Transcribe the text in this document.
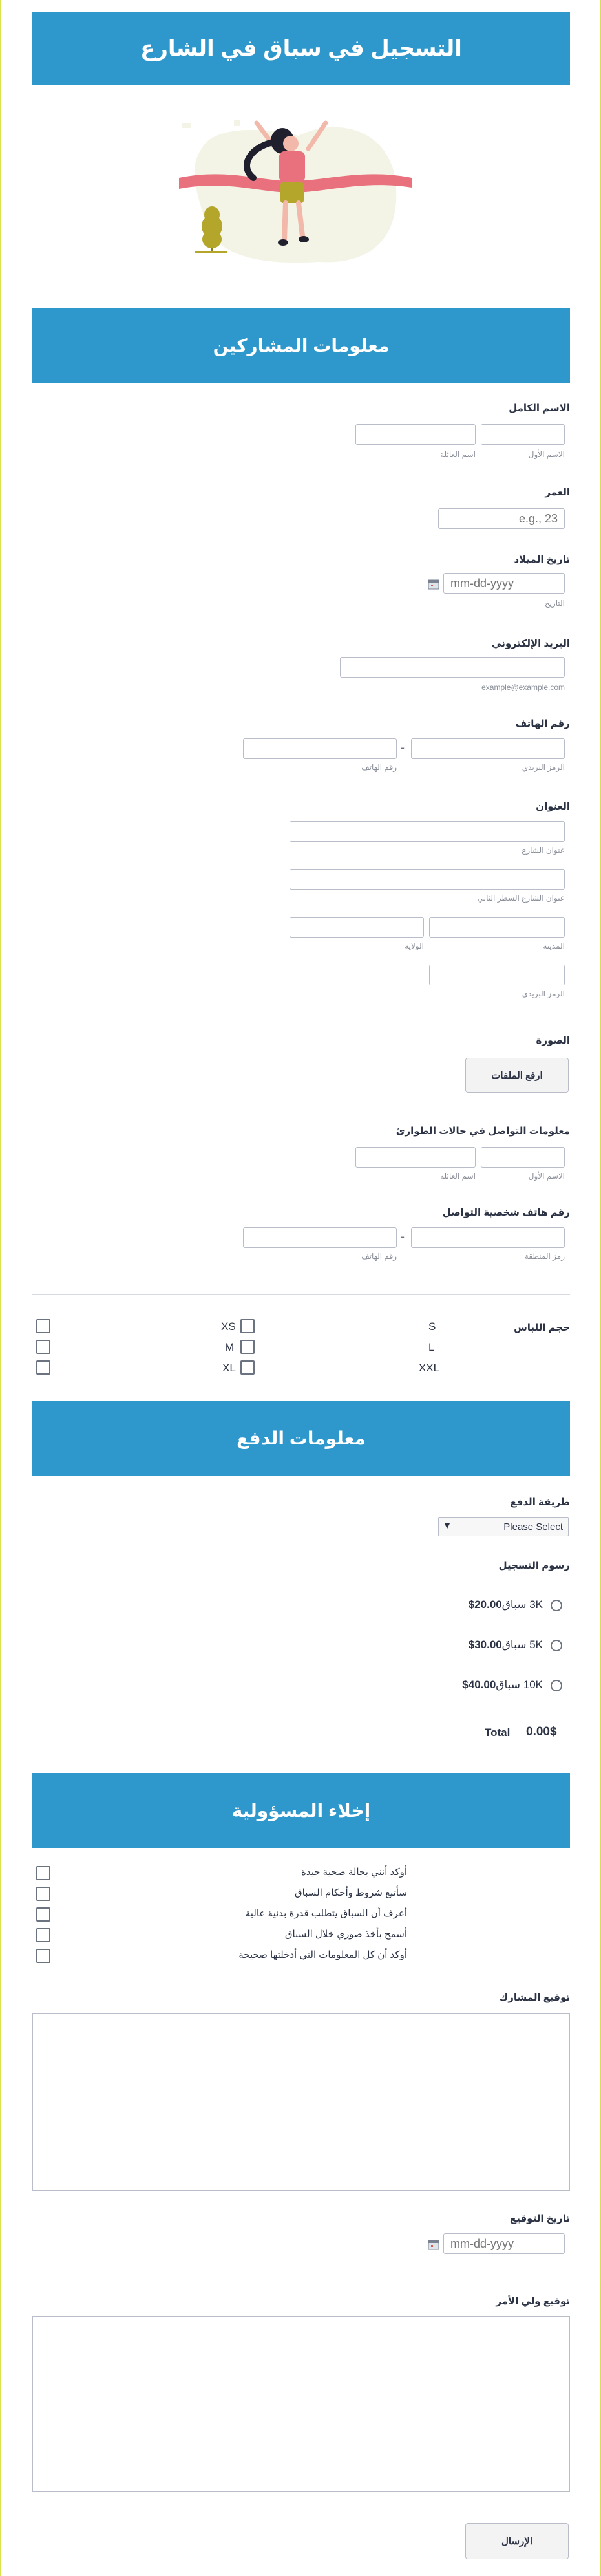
التسجيل في سباق في الشارع
معلومات المشاركين
الاسم الكامل
الاسم الأول
اسم العائلة
العمر
e.g., 23
تاريخ الميلاد
mm-dd-yyyy
التاريخ
البريد الإلكتروني
example@example.com
رقم الهاتف
-
الرمز البريدي
رقم الهاتف
العنوان
عنوان الشارع
عنوان الشارع السطر الثاني
المدينة
الولاية
الرمز البريدي
الصورة
ارفع الملفات
معلومات التواصل في حالات الطوارئ
الاسم الأول
اسم العائلة
رقم هاتف شخصية التواصل
-
رمز المنطقة
رقم الهاتف
حجم اللباس
S
XS
L
M
XXL
XL
معلومات الدفع
طريقة الدفع
▼	Please Select
رسوم التسجيل
3K سباق20.00$
5K سباق30.00$
10K سباق40.00$
Total 0.00$
إخلاء المسؤولية
أوكد أنني بحالة صحية جيدة
سأتبع شروط وأحكام السباق
أعرف أن السباق يتطلب قدرة بدنية عالية
أسمح بأخذ صوري خلال السباق
أوكد أن كل المعلومات التي أدخلتها صحيحة
توقيع المشارك
تاريخ التوقيع
mm-dd-yyyy
توقيع ولي الأمر
الإرسال
